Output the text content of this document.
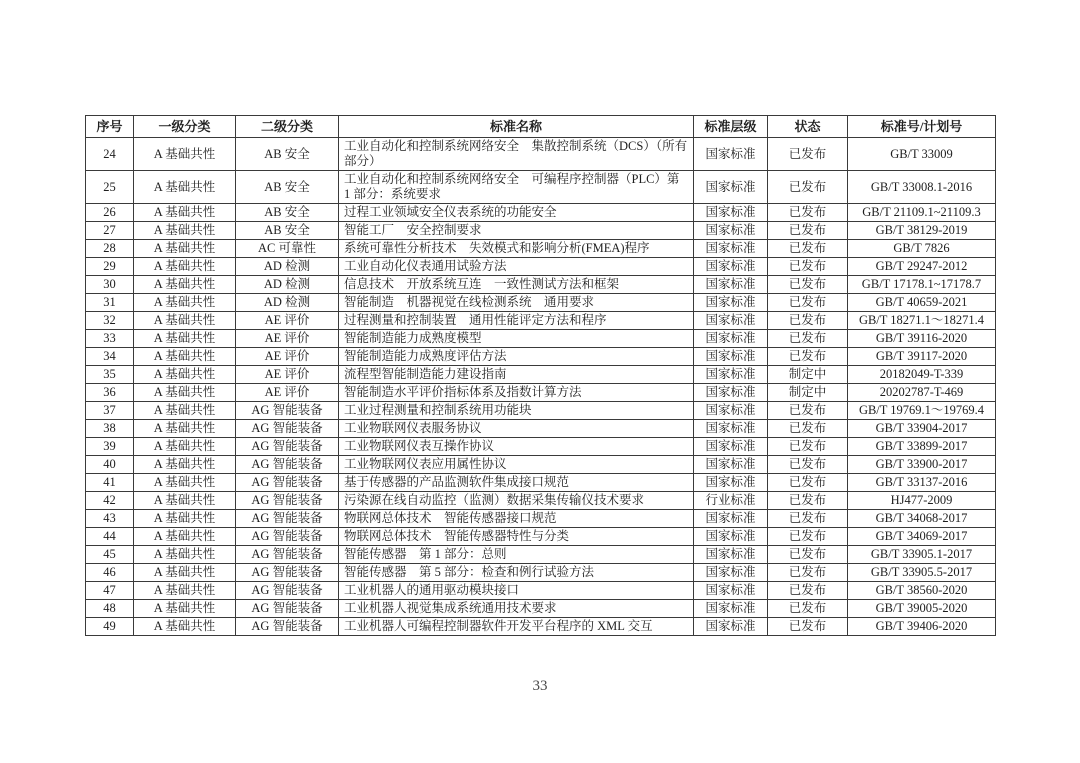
序号	一级分类	二级分类	标准名称	标准层级	状态	标准号/计划号
24	A 基础共性	AB 安全	工业自动化和控制系统网络安全　集散控制系统（DCS）（所有部分）	国家标准	已发布	GB/T 33009
25	A 基础共性	AB 安全	工业自动化和控制系统网络安全　可编程序控制器（PLC）第 1 部分：系统要求	国家标准	已发布	GB/T 33008.1-2016
26	A 基础共性	AB 安全	过程工业领域安全仪表系统的功能安全	国家标准	已发布	GB/T 21109.1~21109.3
27	A 基础共性	AB 安全	智能工厂　安全控制要求	国家标准	已发布	GB/T 38129-2019
28	A 基础共性	AC 可靠性	系统可靠性分析技术　失效模式和影响分析(FMEA)程序	国家标准	已发布	GB/T 7826
29	A 基础共性	AD 检测	工业自动化仪表通用试验方法	国家标准	已发布	GB/T 29247-2012
30	A 基础共性	AD 检测	信息技术　开放系统互连　一致性测试方法和框架	国家标准	已发布	GB/T 17178.1~17178.7
31	A 基础共性	AD 检测	智能制造　机器视觉在线检测系统　通用要求	国家标准	已发布	GB/T 40659-2021
32	A 基础共性	AE 评价	过程测量和控制装置　通用性能评定方法和程序	国家标准	已发布	GB/T 18271.1～18271.4
33	A 基础共性	AE 评价	智能制造能力成熟度模型	国家标准	已发布	GB/T 39116-2020
34	A 基础共性	AE 评价	智能制造能力成熟度评估方法	国家标准	已发布	GB/T 39117-2020
35	A 基础共性	AE 评价	流程型智能制造能力建设指南	国家标准	制定中	20182049-T-339
36	A 基础共性	AE 评价	智能制造水平评价指标体系及指数计算方法	国家标准	制定中	20202787-T-469
37	A 基础共性	AG 智能装备	工业过程测量和控制系统用功能块	国家标准	已发布	GB/T 19769.1～19769.4
38	A 基础共性	AG 智能装备	工业物联网仪表服务协议	国家标准	已发布	GB/T 33904-2017
39	A 基础共性	AG 智能装备	工业物联网仪表互操作协议	国家标准	已发布	GB/T 33899-2017
40	A 基础共性	AG 智能装备	工业物联网仪表应用属性协议	国家标准	已发布	GB/T 33900-2017
41	A 基础共性	AG 智能装备	基于传感器的产品监测软件集成接口规范	国家标准	已发布	GB/T 33137-2016
42	A 基础共性	AG 智能装备	污染源在线自动监控（监测）数据采集传输仪技术要求	行业标准	已发布	HJ477-2009
43	A 基础共性	AG 智能装备	物联网总体技术　智能传感器接口规范	国家标准	已发布	GB/T 34068-2017
44	A 基础共性	AG 智能装备	物联网总体技术　智能传感器特性与分类	国家标准	已发布	GB/T 34069-2017
45	A 基础共性	AG 智能装备	智能传感器　第 1 部分：总则	国家标准	已发布	GB/T 33905.1-2017
46	A 基础共性	AG 智能装备	智能传感器　第 5 部分：检查和例行试验方法	国家标准	已发布	GB/T 33905.5-2017
47	A 基础共性	AG 智能装备	工业机器人的通用驱动模块接口	国家标准	已发布	GB/T 38560-2020
48	A 基础共性	AG 智能装备	工业机器人视觉集成系统通用技术要求	国家标准	已发布	GB/T 39005-2020
49	A 基础共性	AG 智能装备	工业机器人可编程控制器软件开发平台程序的 XML 交互	国家标准	已发布	GB/T 39406-2020
33
